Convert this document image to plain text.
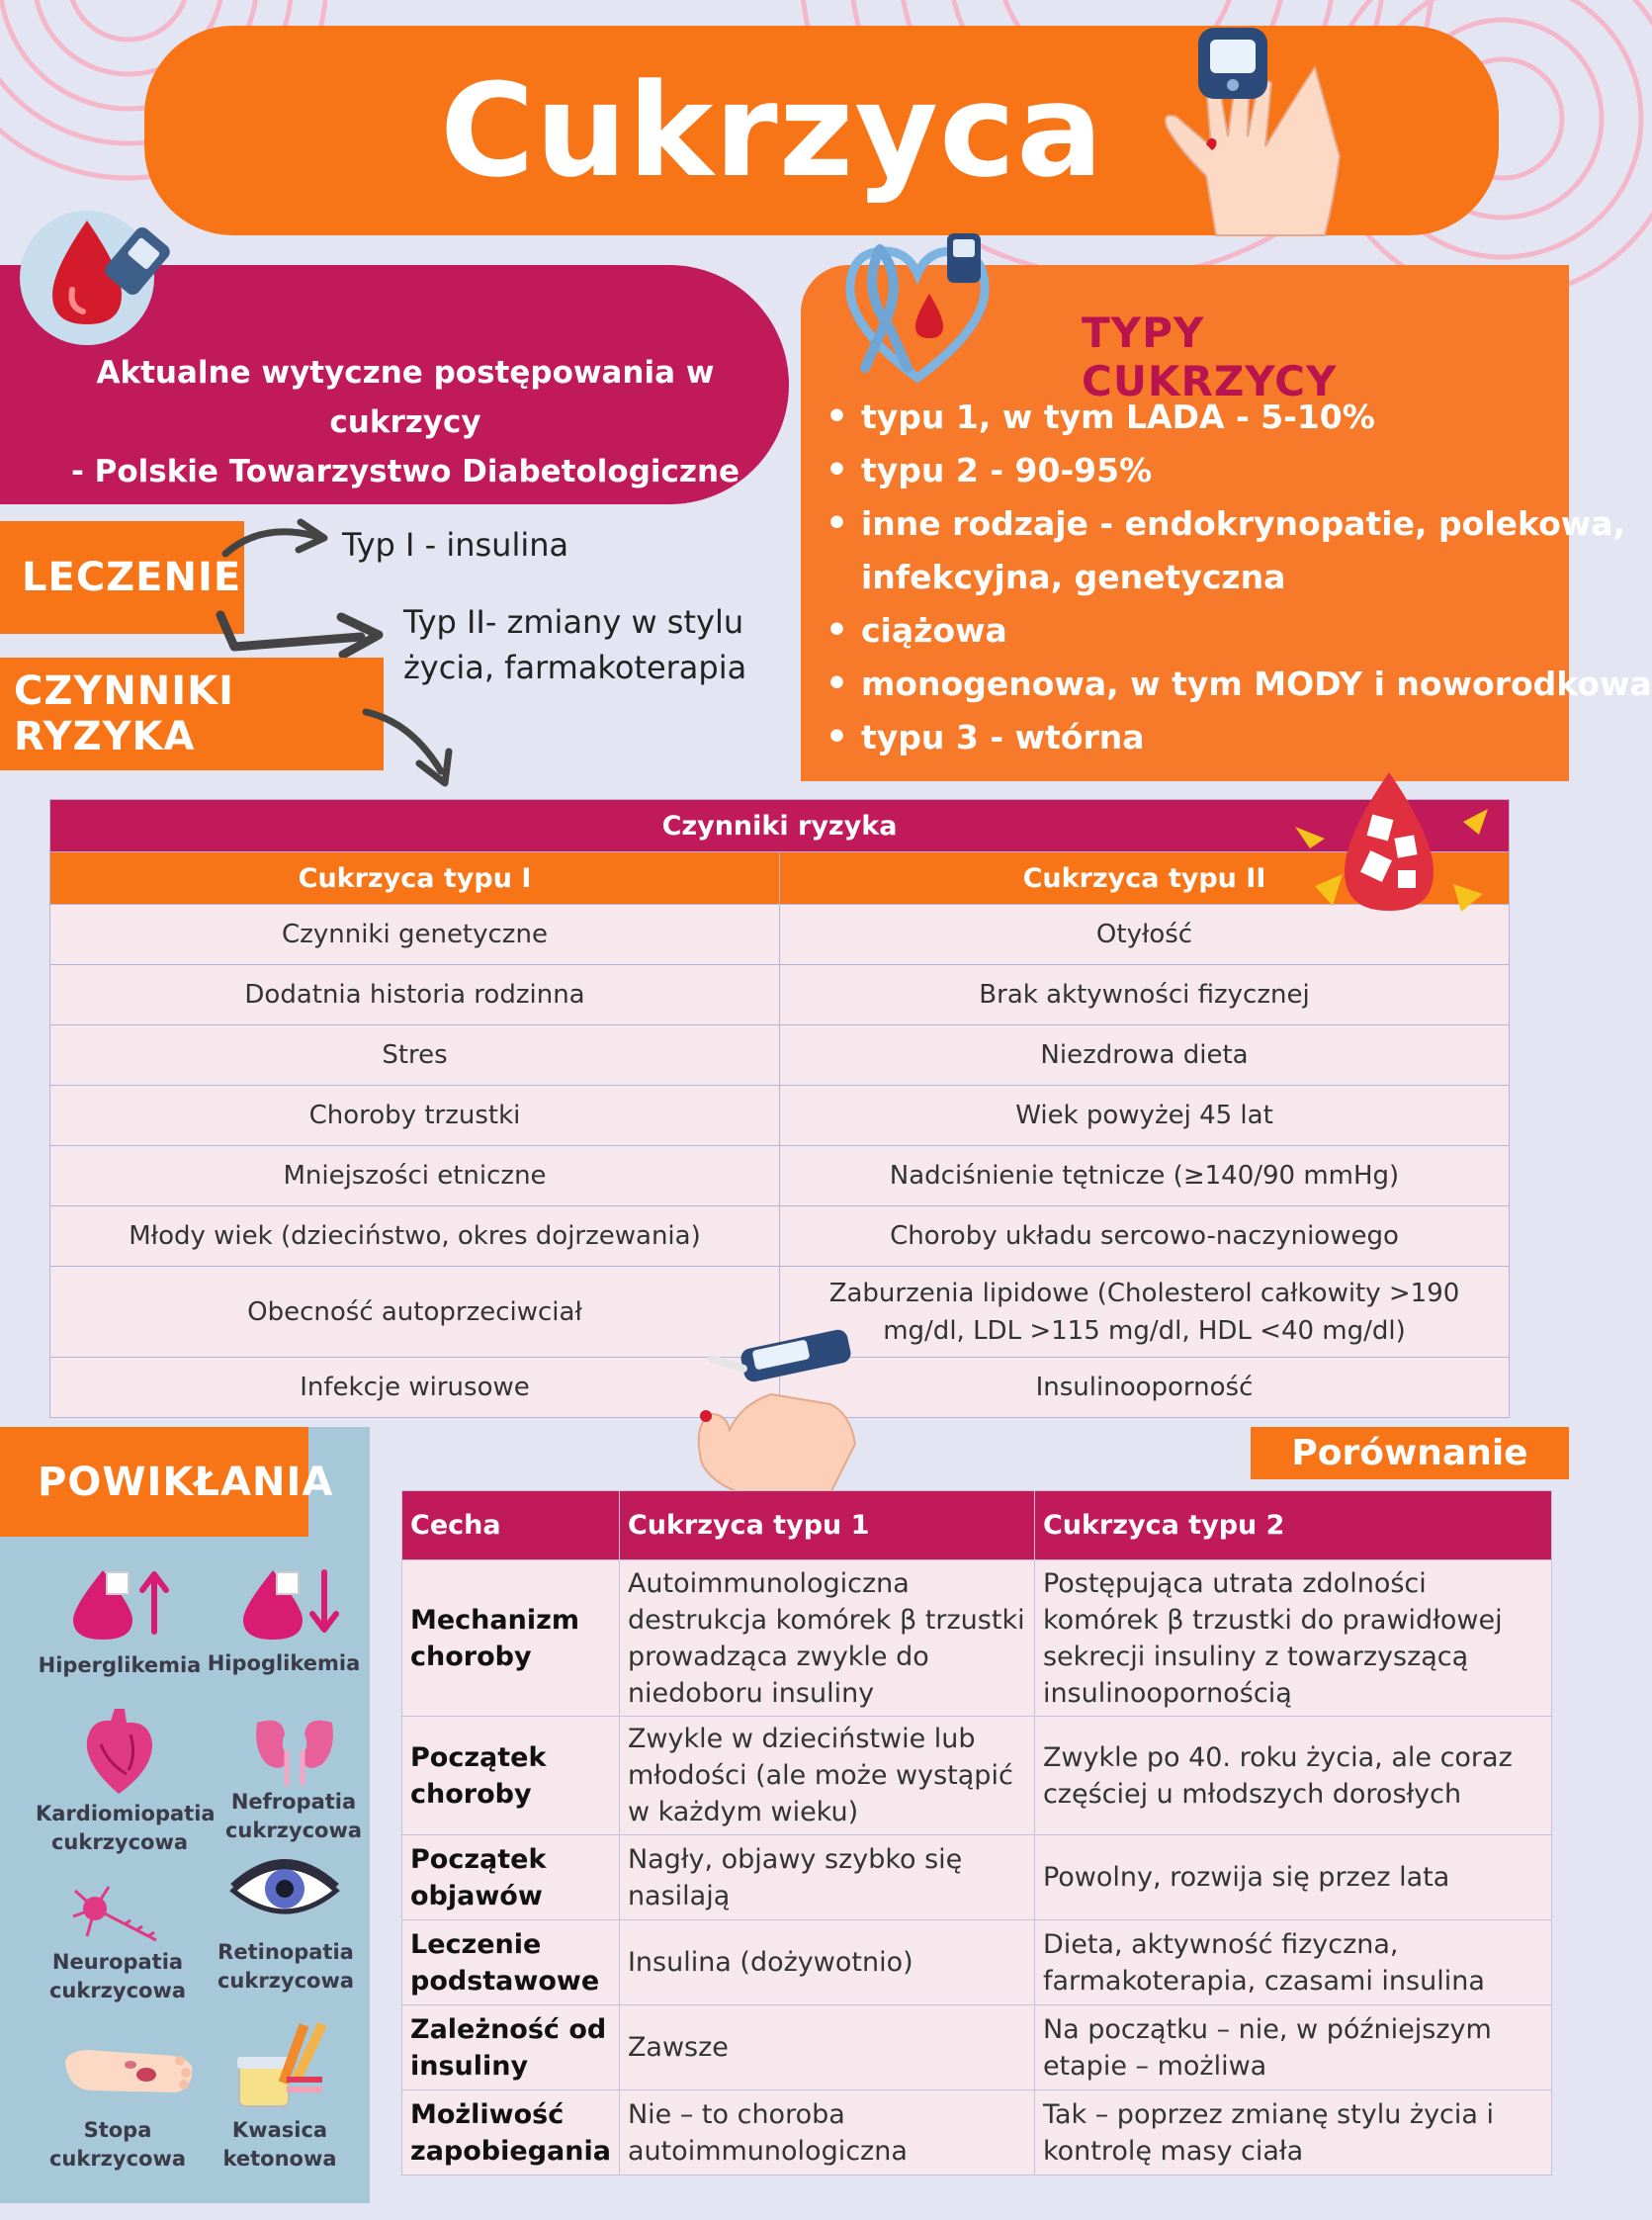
Cukrzyca

Aktualne wytyczne postępowania w cukrzycy
- Polskie Towarzystwo Diabetologiczne

TYPY CUKRZYCY
• typu 1, w tym LADA - 5-10%
• typu 2 - 90-95%
• inne rodzaje - endokrynopatie, polekowa,
infekcyjna, genetyczna
• ciążowa
• monogenowa, w tym MODY i noworodkowa
• typu 3 - wtórna
LECZENIE
Typ I - insulina
Typ II- zmiany w stylu
życia, farmakoterapia
CZYNNIKI RYZYKA
Czynniki ryzyka	
Cukrzyca typu I	Cukrzyca typu II
Czynniki genetyczne	Otyłość
Dodatnia historia rodzinna	Brak aktywności fizycznej
Stres	Niezdrowa dieta
Choroby trzustki	Wiek powyżej 45 lat
Mniejszości etniczne	Nadciśnienie tętnicze (≥140/90 mmHg)
Młody wiek (dzieciństwo, okres dojrzewania)	Choroby układu sercowo-naczyniowego
Obecność autoprzeciwciał	Zaburzenia lipidowe (Cholesterol całkowity >190 mg/dl, LDL >115 mg/dl, HDL <40 mg/dl)
Infekcje wirusowe	Insulinooporność
POWIKŁANIA
Hiperglikemia Hipoglikemia
Kardiomiopatia cukrzycowa
Nefropatia cukrzycowa
Neuropatia cukrzycowa
Retinopatia cukrzycowa
Stopa cukrzycowa
Kwasica ketonowa
Porównanie
Cecha	Cukrzyca typu 1	Cukrzyca typu 2
Mechanizm choroby	Autoimmunologiczna destrukcja komórek β trzustki prowadząca zwykle do niedoboru insuliny	Postępująca utrata zdolności komórek β trzustki do prawidłowej sekrecji insuliny z towarzyszącą insulinoopornością
Początek choroby	Zwykle w dzieciństwie lub młodości (ale może wystąpić w każdym wieku)	Zwykle po 40. roku życia, ale coraz częściej u młodszych dorosłych
Początek objawów	Nagły, objawy szybko się nasilają	Powolny, rozwija się przez lata
Leczenie podstawowe	Insulina (dożywotnio)	Dieta, aktywność fizyczna, farmakoterapia, czasami insulina
Zależność od insuliny	Zawsze	Na początku – nie, w późniejszym etapie – możliwa
Możliwość zapobiegania	Nie – to choroba autoimmunologiczna	Tak – poprzez zmianę stylu życia i kontrolę masy ciała
